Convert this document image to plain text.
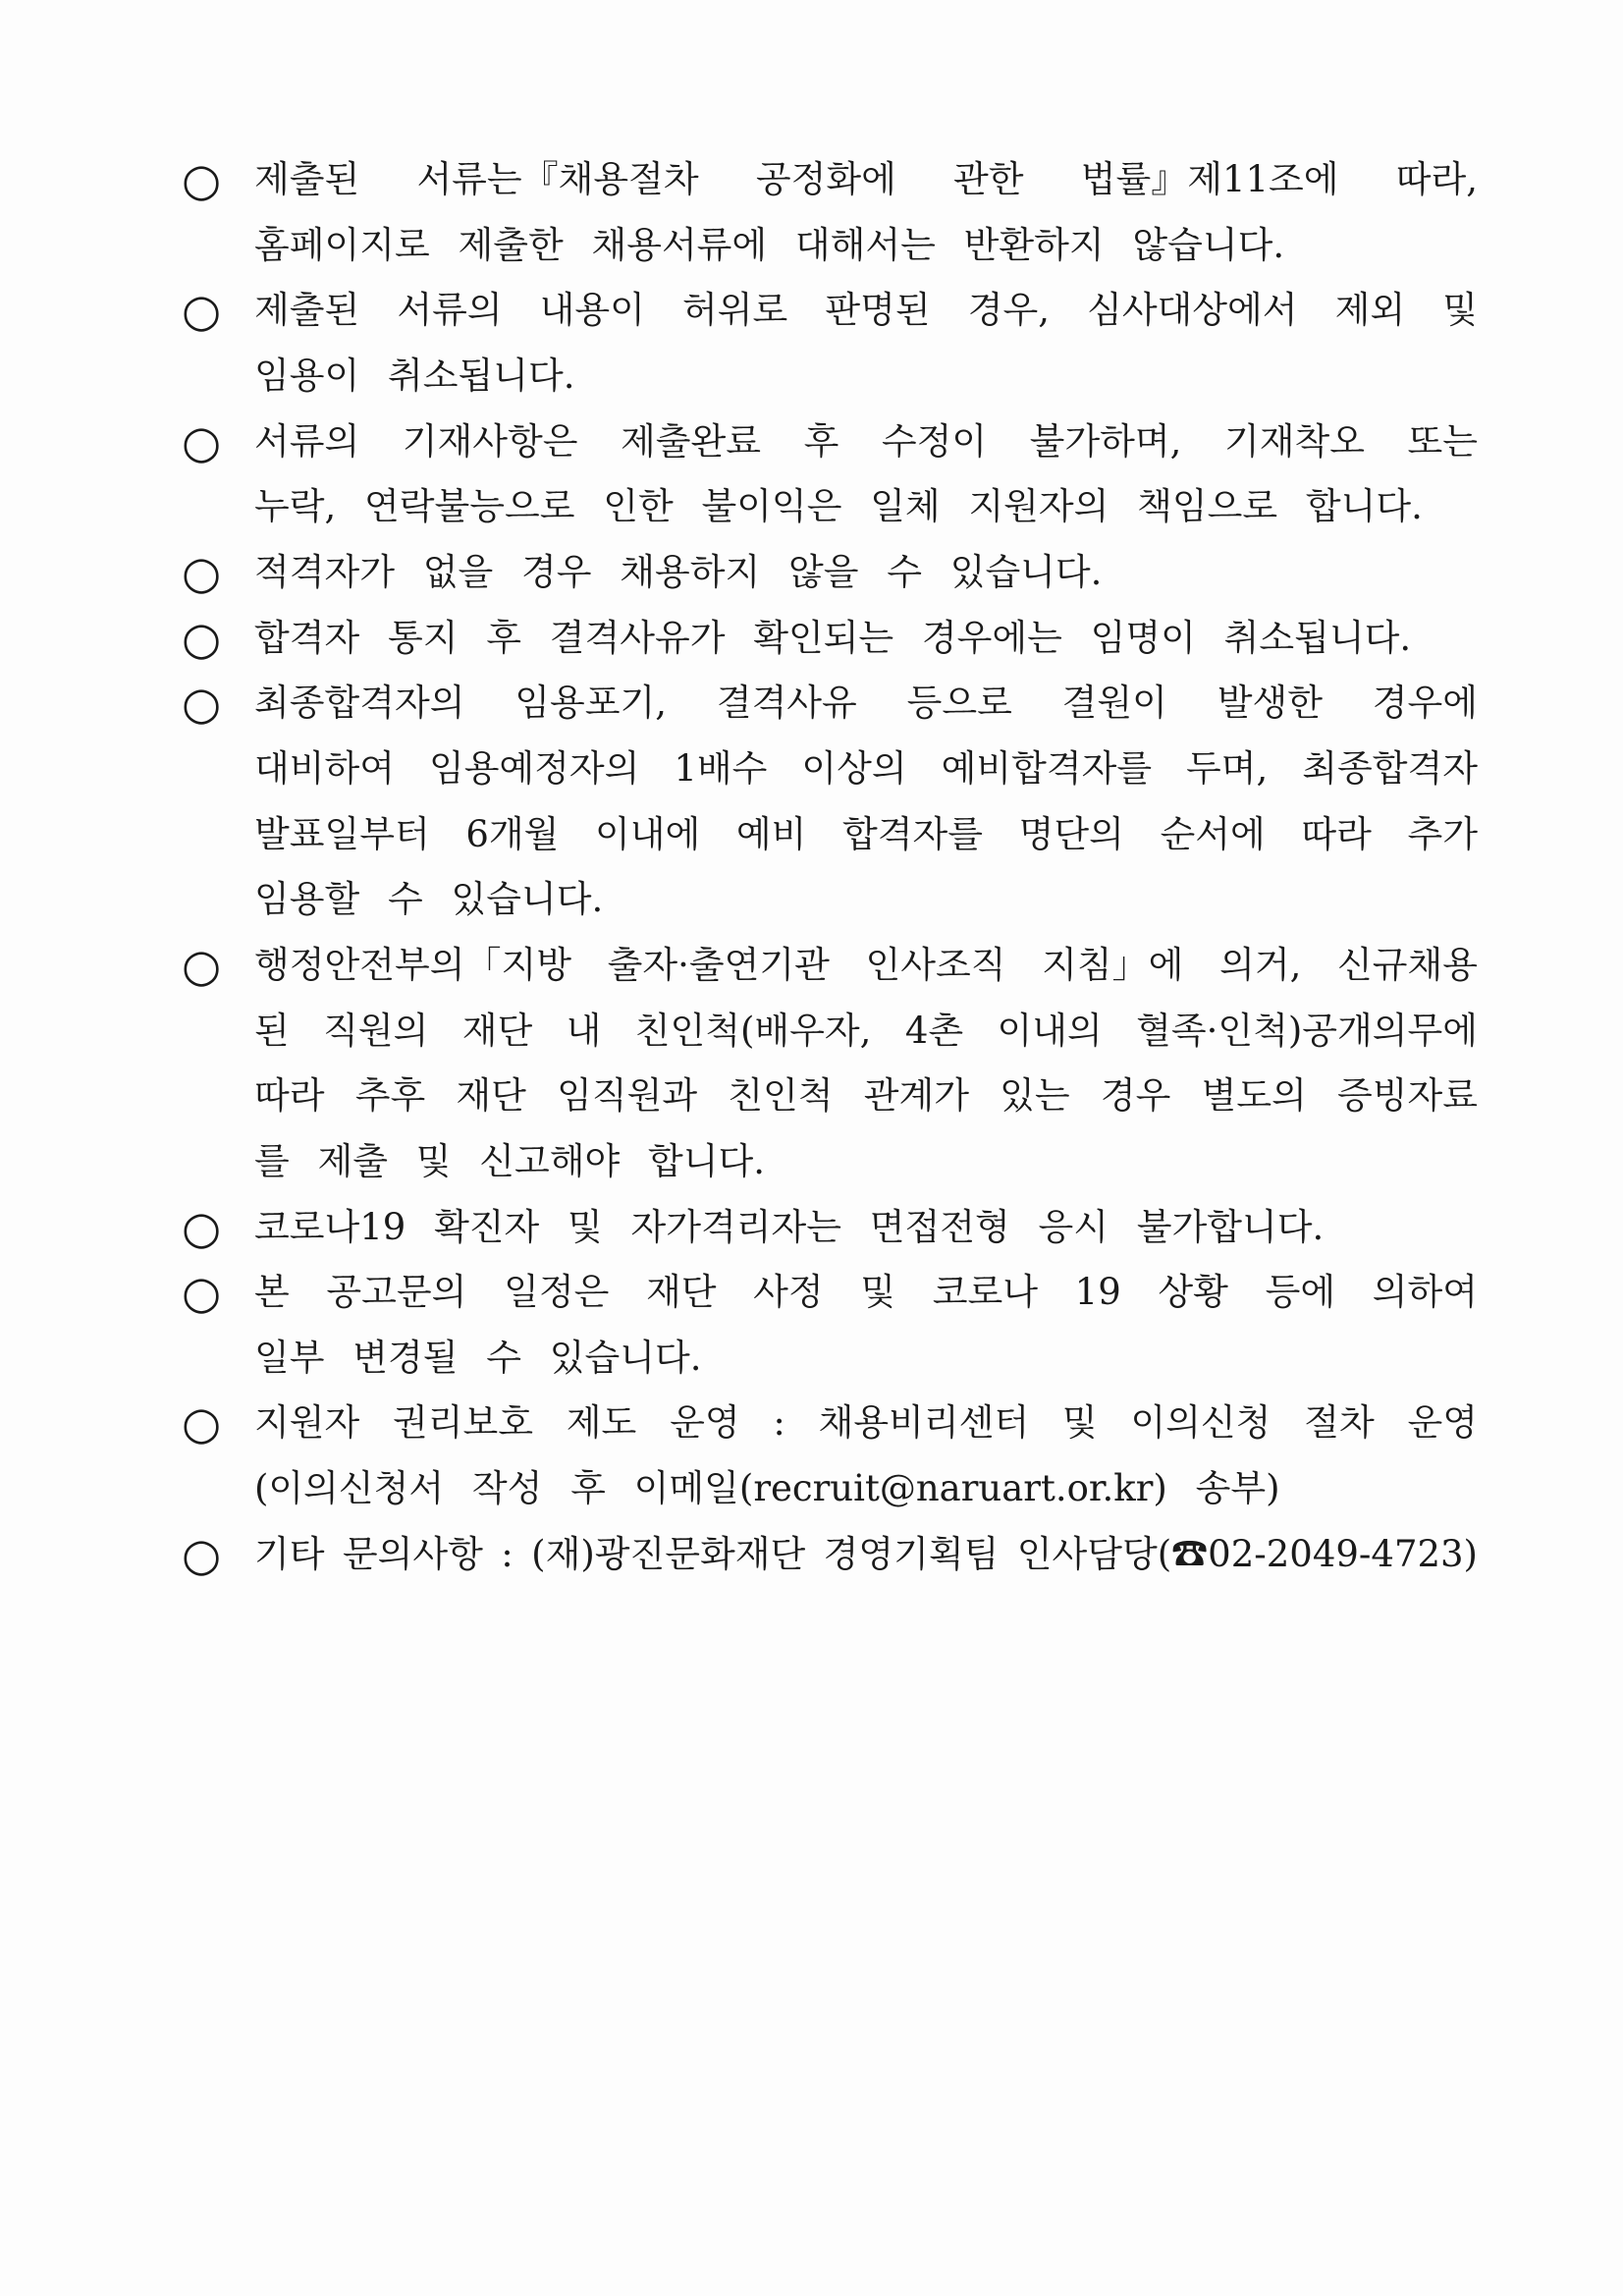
○ 제출된 서류는『채용절차 공정화에 관한 법률』제11조에 따라,
홈페이지로 제출한 채용서류에 대해서는 반환하지 않습니다.
○ 제출된 서류의 내용이 허위로 판명된 경우, 심사대상에서 제외 및
임용이 취소됩니다.
○ 서류의 기재사항은 제출완료 후 수정이 불가하며, 기재착오 또는
누락, 연락불능으로 인한 불이익은 일체 지원자의 책임으로 합니다.
○ 적격자가 없을 경우 채용하지 않을 수 있습니다.
○ 합격자 통지 후 결격사유가 확인되는 경우에는 임명이 취소됩니다.
○ 최종합격자의 임용포기, 결격사유 등으로 결원이 발생한 경우에
대비하여 임용예정자의 1배수 이상의 예비합격자를 두며, 최종합격자
발표일부터 6개월 이내에 예비 합격자를 명단의 순서에 따라 추가
임용할 수 있습니다.
○ 행정안전부의「지방 출자·출연기관 인사조직 지침」에 의거, 신규채용
된 직원의 재단 내 친인척(배우자, 4촌 이내의 혈족·인척)공개의무에
따라 추후 재단 임직원과 친인척 관계가 있는 경우 별도의 증빙자료
를 제출 및 신고해야 합니다.
○ 코로나19 확진자 및 자가격리자는 면접전형 응시 불가합니다.
○ 본 공고문의 일정은 재단 사정 및 코로나 19 상황 등에 의하여
일부 변경될 수 있습니다.
○ 지원자 권리보호 제도 운영 : 채용비리센터 및 이의신청 절차 운영
(이의신청서 작성 후 이메일(recruit@naruart.or.kr) 송부)
○ 기타 문의사항 : (재)광진문화재단 경영기획팀 인사담당(☎02-2049-4723)
